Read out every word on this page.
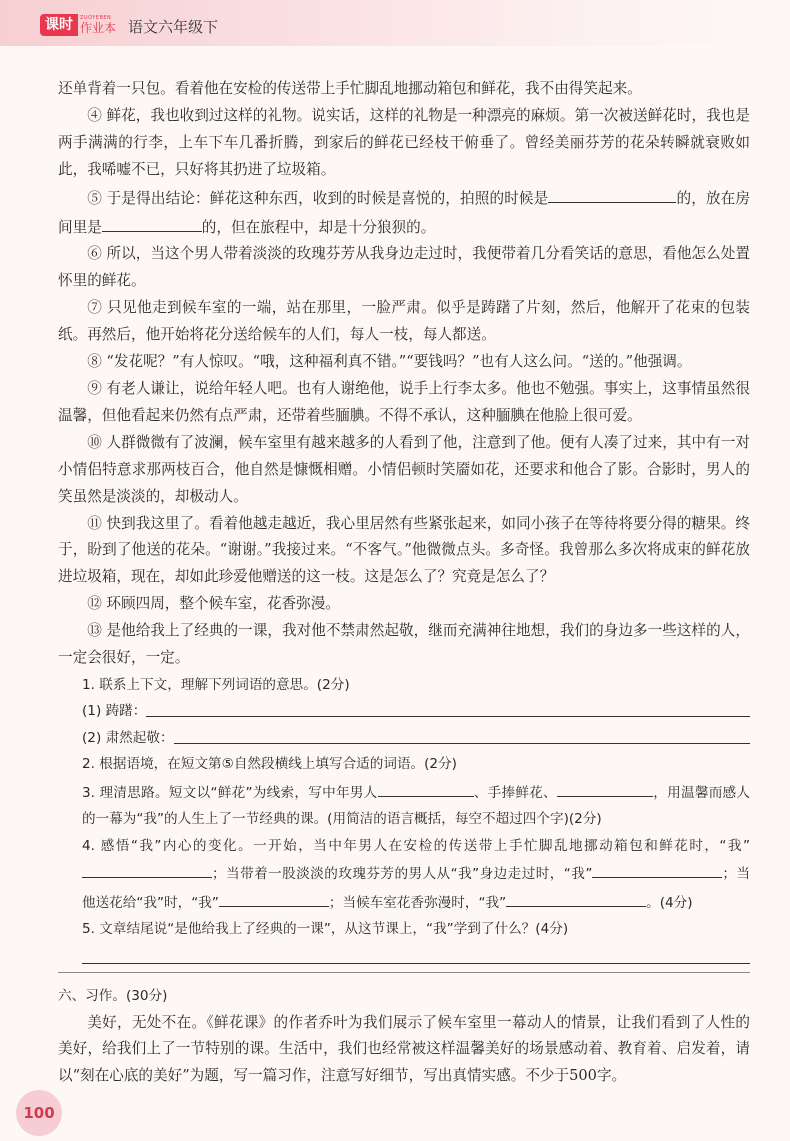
课时	ZUOYEBEN
作业本 语文六年级下

还单背着一只包。看着他在安检的传送带上手忙脚乱地挪动箱包和鲜花，我不由得笑起来。

④ 鲜花，我也收到过这样的礼物。说实话，这样的礼物是一种漂亮的麻烦。第一次被送鲜花时，我也是两手满满的行李，上车下车几番折腾，到家后的鲜花已经枝干俯垂了。曾经美丽芬芳的花朵转瞬就衰败如此，我唏嘘不已，只好将其扔进了垃圾箱。

⑤ 于是得出结论：鲜花这种东西，收到的时候是喜悦的，拍照的时候是	的，放在房间里是	的，但在旅程中，却是十分狼狈的。

⑥ 所以，当这个男人带着淡淡的玫瑰芬芳从我身边走过时，我便带着几分看笑话的意思，看他怎么处置怀里的鲜花。

⑦ 只见他走到候车室的一端，站在那里，一脸严肃。似乎是踌躇了片刻，然后，他解开了花束的包装纸。再然后，他开始将花分送给候车的人们，每人一枝，每人都送。

⑧ “发花呢？”有人惊叹。“哦，这种福利真不错。”“要钱吗？”也有人这么问。“送的。”他强调。

⑨ 有老人谦让，说给年轻人吧。也有人谢绝他，说手上行李太多。他也不勉强。事实上，这事情虽然很温馨，但他看起来仍然有点严肃，还带着些腼腆。不得不承认，这种腼腆在他脸上很可爱。

⑩ 人群微微有了波澜，候车室里有越来越多的人看到了他，注意到了他。便有人凑了过来，其中有一对小情侣特意求那两枝百合，他自然是慷慨相赠。小情侣顿时笑靥如花，还要求和他合了影。合影时，男人的笑虽然是淡淡的，却极动人。

⑪ 快到我这里了。看着他越走越近，我心里居然有些紧张起来，如同小孩子在等待将要分得的糖果。终于，盼到了他送的花朵。“谢谢。”我接过来。“不客气。”他微微点头。多奇怪。我曾那么多次将成束的鲜花放进垃圾箱，现在，却如此珍爱他赠送的这一枝。这是怎么了？究竟是怎么了？

⑫ 环顾四周，整个候车室，花香弥漫。

⑬ 是他给我上了经典的一课，我对他不禁肃然起敬，继而充满神往地想，我们的身边多一些这样的人，一定会很好，一定。

1. 联系上下文，理解下列词语的意思。(2分)

(1) 踌躇：

(2) 肃然起敬：

2. 根据语境，在短文第⑤自然段横线上填写合适的词语。(2分)

3. 理清思路。短文以“鲜花”为线索，写中年男人	、手捧鲜花、	，用温馨而感人的一幕为“我”的人生上了一节经典的课。(用简洁的语言概括，每空不超过四个字)(2分)

4. 感悟“我”内心的变化。一开始，当中年男人在安检的传送带上手忙脚乱地挪动箱包和鲜花时，“我”；当带着一股淡淡的玫瑰芬芳的男人从“我”身边走过时，“我”	；当他送花给“我”时，“我”	；当候车室花香弥漫时，“我”	。(4分)

5. 文章结尾说“是他给我上了经典的一课”，从这节课上，“我”学到了什么？(4分)

六、习作。(30分)

美好，无处不在。《鲜花课》的作者乔叶为我们展示了候车室里一幕动人的情景，让我们看到了人性的美好，给我们上了一节特别的课。生活中，我们也经常被这样温馨美好的场景感动着、教育着、启发着，请以“刻在心底的美好”为题，写一篇习作，注意写好细节，写出真情实感。不少于500字。

100
